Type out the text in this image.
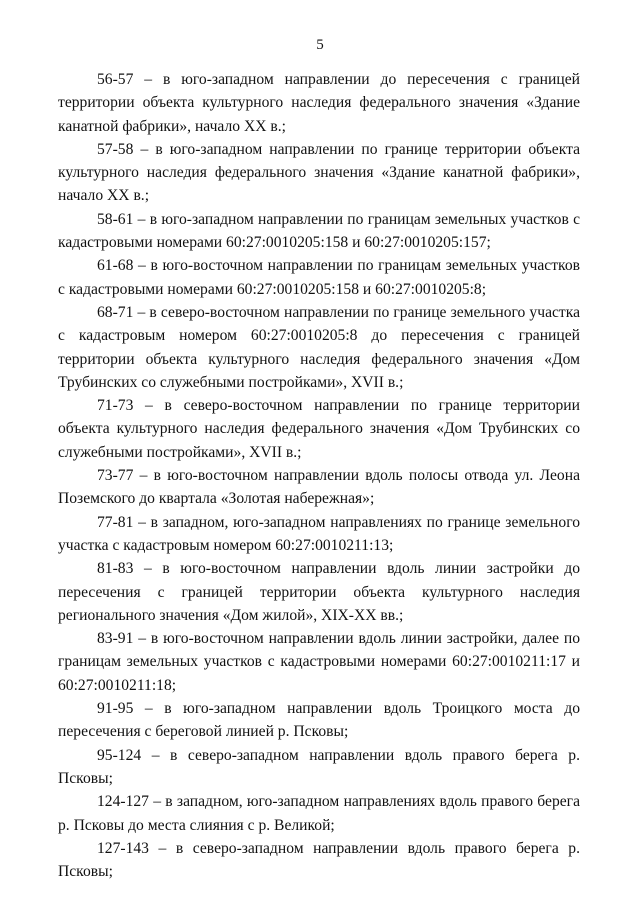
5

56-57 – в юго-западном направлении до пересечения с границей территории объекта культурного наследия федерального значения «Здание канатной фабрики», начало XX в.;

57-58 – в юго-западном направлении по границе территории объекта культурного наследия федерального значения «Здание канатной фабрики», начало XX в.;

58-61 – в юго-западном направлении по границам земельных участков с кадастровыми номерами 60:27:0010205:158 и 60:27:0010205:157;

61-68 – в юго-восточном направлении по границам земельных участков с кадастровыми номерами 60:27:0010205:158 и 60:27:0010205:8;

68-71 – в северо-восточном направлении по границе земельного участка с кадастровым номером 60:27:0010205:8 до пересечения с границей территории объекта культурного наследия федерального значения «Дом Трубинских со служебными постройками», XVII в.;

71-73 – в северо-восточном направлении по границе территории объекта культурного наследия федерального значения «Дом Трубинских со служебными постройками», XVII в.;

73-77 – в юго-восточном направлении вдоль полосы отвода ул. Леона Поземского до квартала «Золотая набережная»;

77-81 – в западном, юго-западном направлениях по границе земельного участка с кадастровым номером 60:27:0010211:13;

81-83 – в юго-восточном направлении вдоль линии застройки до пересечения с границей территории объекта культурного наследия регионального значения «Дом жилой», XIX-XX вв.;

83-91 – в юго-восточном направлении вдоль линии застройки, далее по границам земельных участков с кадастровыми номерами 60:27:0010211:17 и 60:27:0010211:18;

91-95 – в юго-западном направлении вдоль Троицкого моста до пересечения с береговой линией р. Псковы;

95-124 – в северо-западном направлении вдоль правого берега р. Псковы;

124-127 – в западном, юго-западном направлениях вдоль правого берега р. Псковы до места слияния с р. Великой;

127-143 – в северо-западном направлении вдоль правого берега р. Псковы;
